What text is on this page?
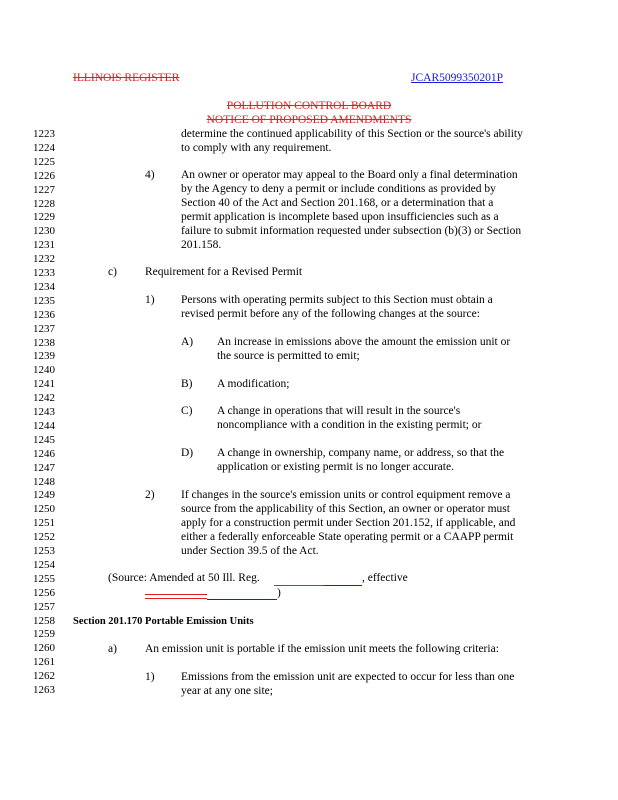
ILLINOIS REGISTER	JCAR5099350201P
POLLUTION CONTROL BOARD
NOTICE OF PROPOSED AMENDMENTS
1223
1224
1225
1226
1227
1228
1229
1230
1231
1232
1233
1234
1235
1236
1237
1238
1239
1240
1241
1242
1243
1244
1245
1246
1247
1248
1249
1250
1251
1252
1253
1254
1255
1256
1257
1258
1259
1260
1261
1262
1263
determine the continued applicability of this Section or the source's ability
to comply with any requirement.
4) An owner or operator may appeal to the Board only a final determination
by the Agency to deny a permit or include conditions as provided by
Section 40 of the Act and Section 201.168, or a determination that a
permit application is incomplete based upon insufficiencies such as a
failure to submit information requested under subsection (b)(3) or Section
201.158.
c) Requirement for a Revised Permit
1) Persons with operating permits subject to this Section must obtain a
revised permit before any of the following changes at the source:
A) An increase in emissions above the amount the emission unit or
the source is permitted to emit;
B) A modification;
C) A change in operations that will result in the source's
noncompliance with a condition in the existing permit; or
D) A change in ownership, company name, or address, so that the
application or existing permit is no longer accurate.
2) If changes in the source's emission units or control equipment remove a
source from the applicability of this Section, an owner or operator must
apply for a construction permit under Section 201.152, if applicable, and
either a federally enforceable State operating permit or a CAAPP permit
under Section 39.5 of the Act.
(Source: Amended at 50 Ill. Reg.	, effective
)
Section 201.170 Portable Emission Units
a) An emission unit is portable if the emission unit meets the following criteria:
1) Emissions from the emission unit are expected to occur for less than one
year at any one site;
